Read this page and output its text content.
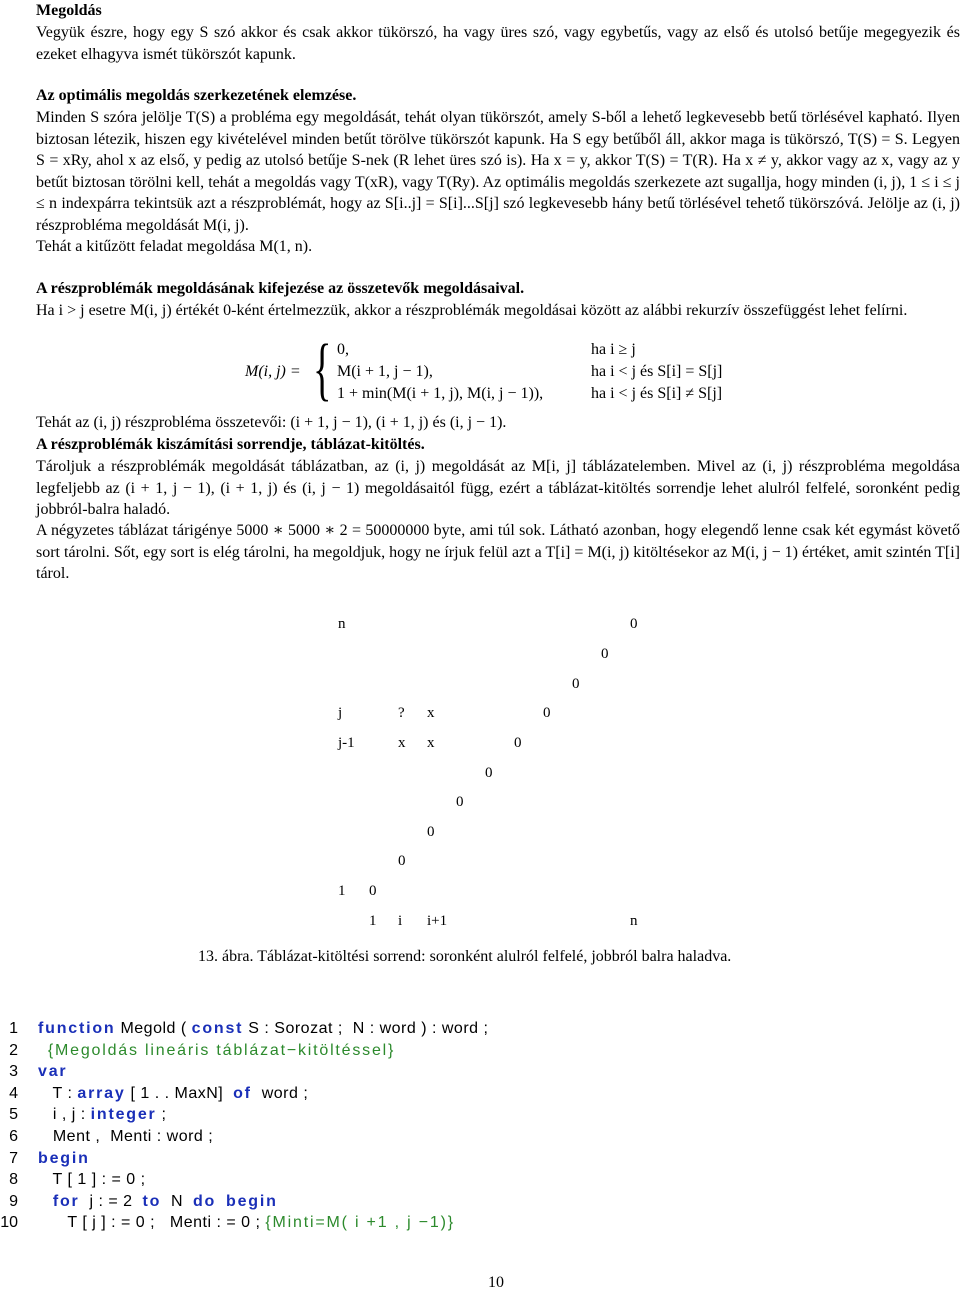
Megoldás

Vegyük észre, hogy egy S szó akkor és csak akkor tükörszó, ha vagy üres szó, vagy egybetűs, vagy az első és utolsó betűje megegyezik és ezeket elhagyva ismét tükörszót kapunk.

Az optimális megoldás szerkezetének elemzése.

Minden S szóra jelölje T(S) a probléma egy megoldását, tehát olyan tükörszót, amely S-ből a lehető legkevesebb betű törlésével kapható. Ilyen biztosan létezik, hiszen egy kivételével minden betűt törölve tükörszót kapunk. Ha S egy betűből áll, akkor maga is tükörszó, T(S) = S. Legyen S = xRy, ahol x az első, y pedig az utolsó betűje S-nek (R lehet üres szó is). Ha x = y, akkor T(S) = T(R). Ha x ≠ y, akkor vagy az x, vagy az y betűt biztosan törölni kell, tehát a megoldás vagy T(xR), vagy T(Ry). Az optimális megoldás szerkezete azt sugallja, hogy minden (i, j), 1 ≤ i ≤ j ≤ n indexpárra tekintsük azt a részproblémát, hogy az S[i..j] = S[i]...S[j] szó legkevesebb hány betű törlésével tehető tükörszóvá. Jelölje az (i, j) részprobléma megoldását M(i, j).

Tehát a kitűzött feladat megoldása M(1, n).

A részproblémák megoldásának kifejezése az összetevők megoldásaival.

Ha i > j esetre M(i, j) értékét 0-ként értelmezzük, akkor a részproblémák megoldásai között az alábbi rekurzív összefüggést lehet felírni.

M(i, j) = { 0,	ha i ≥ j
M(i + 1, j − 1),	ha i < j és S[i] = S[j]
1 + min(M(i + 1, j), M(i, j − 1)),	ha i < j és S[i] ≠ S[j]

Tehát az (i, j) részprobléma összetevői: (i + 1, j − 1), (i + 1, j) és (i, j − 1).

A részproblémák kiszámítási sorrendje, táblázat-kitöltés.

Tároljuk a részproblémák megoldását táblázatban, az (i, j) megoldását az M[i, j] táblázatelemben. Mivel az (i, j) részprobléma megoldása legfeljebb az (i + 1, j − 1), (i + 1, j) és (i, j − 1) megoldásaitól függ, ezért a táblázat-kitöltés sorrendje lehet alulról felfelé, soronként pedig jobbról-balra haladó.

A négyzetes táblázat tárigénye 5000 ∗ 5000 ∗ 2 = 50000000 byte, ami túl sok. Látható azonban, hogy elegendő lenne csak két egymást követő sort tárolni. Sőt, egy sort is elég tárolni, ha megoldjuk, hogy ne írjuk felül azt a T[i] = M(i, j) kitöltésekor az M(i, j − 1) értéket, amit szintén T[i] tárol.

n
j
j-1
1
0
0
0
0
0
0
0
0
0
0
? x
x x
1 i i+1	n
13. ábra. Táblázat-kitöltési sorrend: soronként alulról felfelé, jobbról balra haladva.
1 function Megold ( const S : Sorozat ;  N : word ) : word ;
2	{Megoldás lineáris táblázat−kitöltéssel}
3 var
4 T : array [ 1 . . MaxN]  of  word ;
5 i , j : integer ;
6 Ment ,  Menti : word ;
7 begin
8 T [ 1 ] : = 0 ;
9	for  j : = 2  to  N  do begin
10 T [ j ] : = 0 ;   Menti : = 0 ; {Minti=M( i +1 , j −1)}
10
